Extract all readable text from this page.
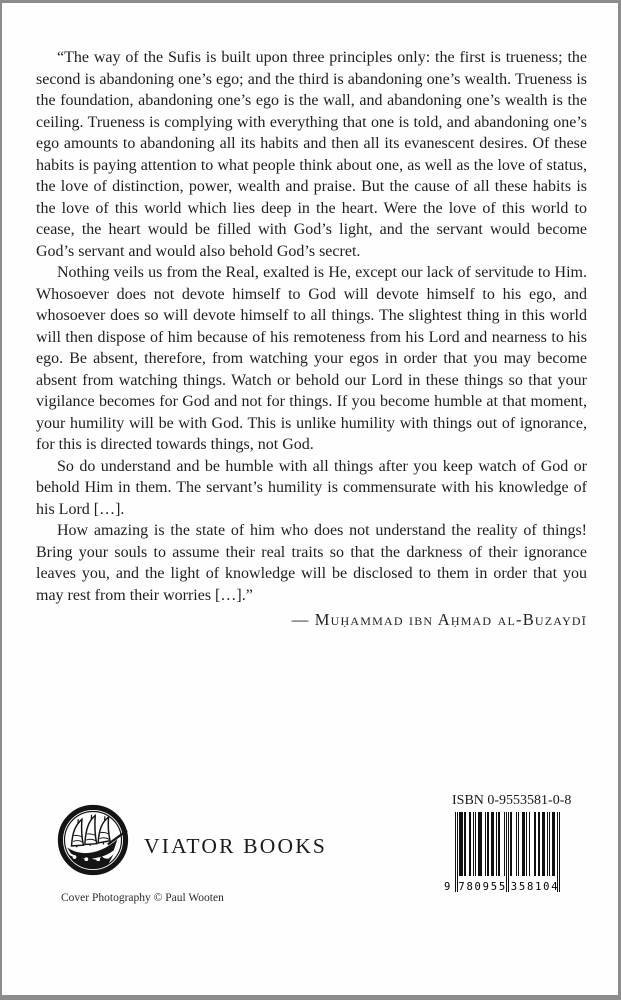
“The way of the Sufis is built upon three principles only: the first is trueness; the second is abandoning one’s ego; and the third is abandoning one’s wealth. Trueness is the foundation, abandoning one’s ego is the wall, and abandoning one’s wealth is the ceiling. Trueness is complying with everything that one is told, and abandoning one’s ego amounts to abandoning all its habits and then all its evanescent desires. Of these habits is paying attention to what people think about one, as well as the love of status, the love of distinction, power, wealth and praise. But the cause of all these habits is the love of this world which lies deep in the heart. Were the love of this world to cease, the heart would be filled with God’s light, and the servant would become God’s servant and would also behold God’s secret.

Nothing veils us from the Real, exalted is He, except our lack of servitude to Him. Whosoever does not devote himself to God will devote himself to his ego, and whosoever does so will devote himself to all things. The slightest thing in this world will then dispose of him because of his remoteness from his Lord and nearness to his ego. Be absent, therefore, from watching your egos in order that you may become absent from watching things. Watch or behold our Lord in these things so that your vigilance becomes for God and not for things. If you become humble at that moment, your humility will be with God. This is unlike humility with things out of ignorance, for this is directed towards things, not God.

So do understand and be humble with all things after you keep watch of God or behold Him in them. The servant’s humility is commensurate with his knowledge of his Lord […].

How amazing is the state of him who does not understand the reality of things! Bring your souls to assume their real traits so that the darkness of their ignorance leaves you, and the light of knowledge will be disclosed to them in order that you may rest from their worries […].”

— Muḥammad ibn Aḥmad al-Buzaydī
VIATOR BOOKS
ISBN 0-9553581-0-8
9 7 8 0 9 5 5 3 5 8 1 0 4
Cover Photography © Paul Wooten
